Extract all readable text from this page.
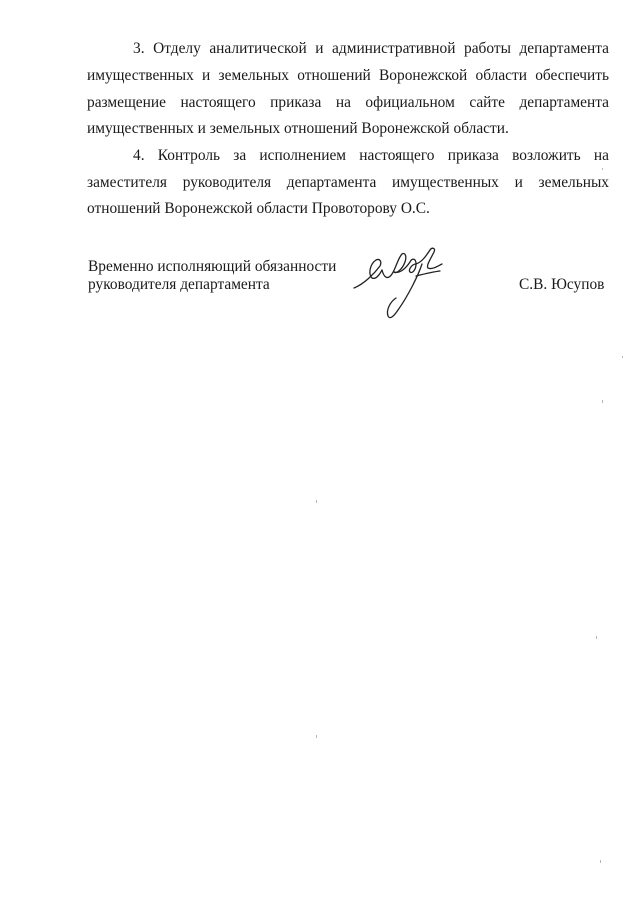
3. Отделу аналитической и административной работы департамента
имущественных и земельных отношений Воронежской области обеспечить
размещение настоящего приказа на официальном сайте департамента
имущественных и земельных отношений Воронежской области.
4. Контроль за исполнением настоящего приказа возложить на
заместителя руководителя департамента имущественных и земельных
отношений Воронежской области Провоторову О.С.
Временно исполняющий обязанности
руководителя департамента	С.В. Юсупов
